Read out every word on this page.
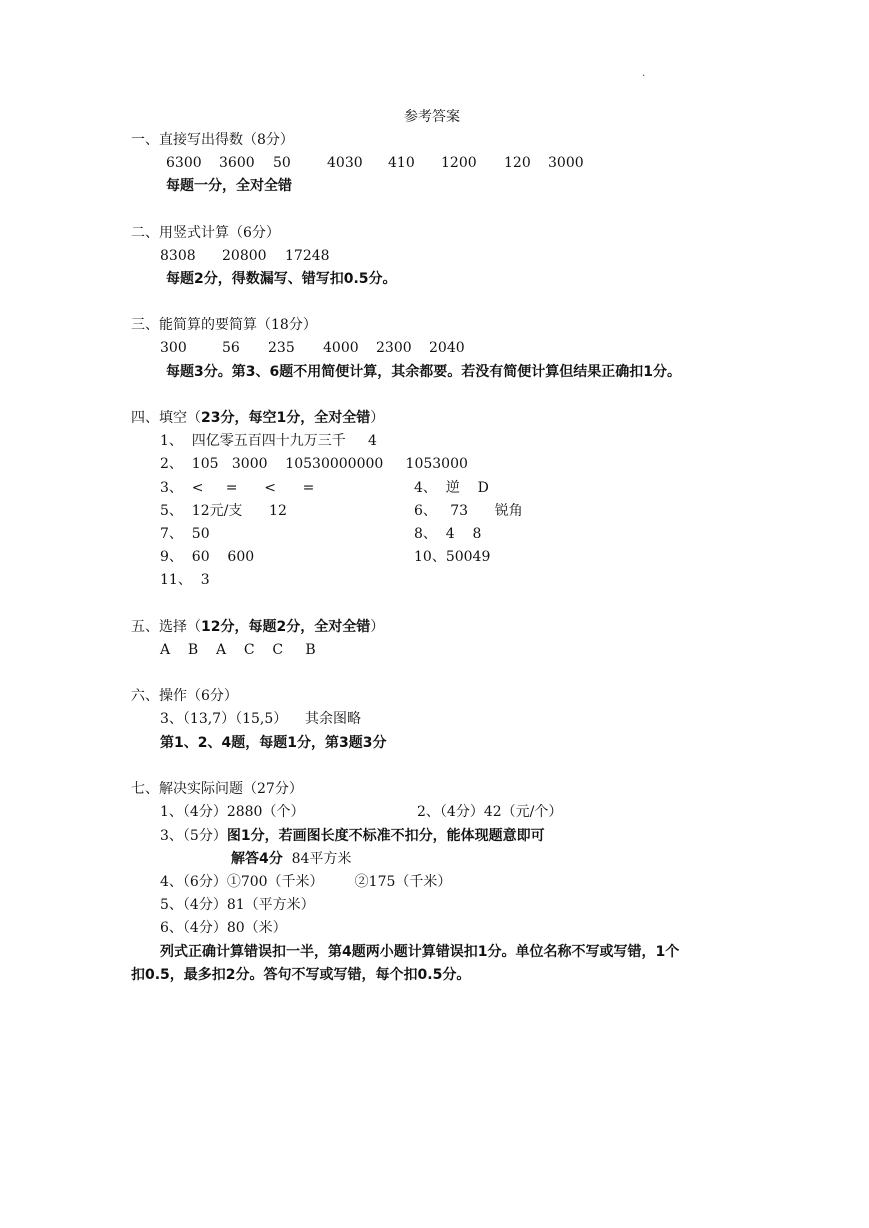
.
参考答案
一、直接写出得数（8分）
6300 3600 50	4030 410 1200 120 3000
每题一分，全对全错
二、用竖式计算（6分）
8308 20800 17248
每题2分，得数漏写、错写扣0.5分。
三、能简算的要简算（18分）
300	56 235 4000 2300 2040
每题3分。第3、6题不用简便计算，其余都要。若没有简便计算但结果正确扣1分。
四、填空（23分，每空1分，全对全错）
1、  四亿零五百四十九万三千     4
2、  105   3000    10530000000     1053000
3、  <     =      <      =	4、  逆    D
5、  12元/支      12	6、   73      锐角
7、  50	8、  4    8
9、  60    600	10、50049
11、  3
五、选择（12分，每题2分，全对全错）
A    B    A    C    C     B
六、操作（6分）
3、（13,7）（15,5）    其余图略
第1、2、4题，每题1分，第3题3分
七、解决实际问题（27分）
1、（4分）2880（个）	2、（4分）42（元/个）
3、（5分）图1分，若画图长度不标准不扣分，能体现题意即可
解答4分  84平方米
4、（6分）①700（千米）       ②175（千米）
5、（4分）81（平方米）
6、（4分）80（米）
列式正确计算错误扣一半，第4题两小题计算错误扣1分。单位名称不写或写错，1个
扣0.5，最多扣2分。答句不写或写错，每个扣0.5分。
